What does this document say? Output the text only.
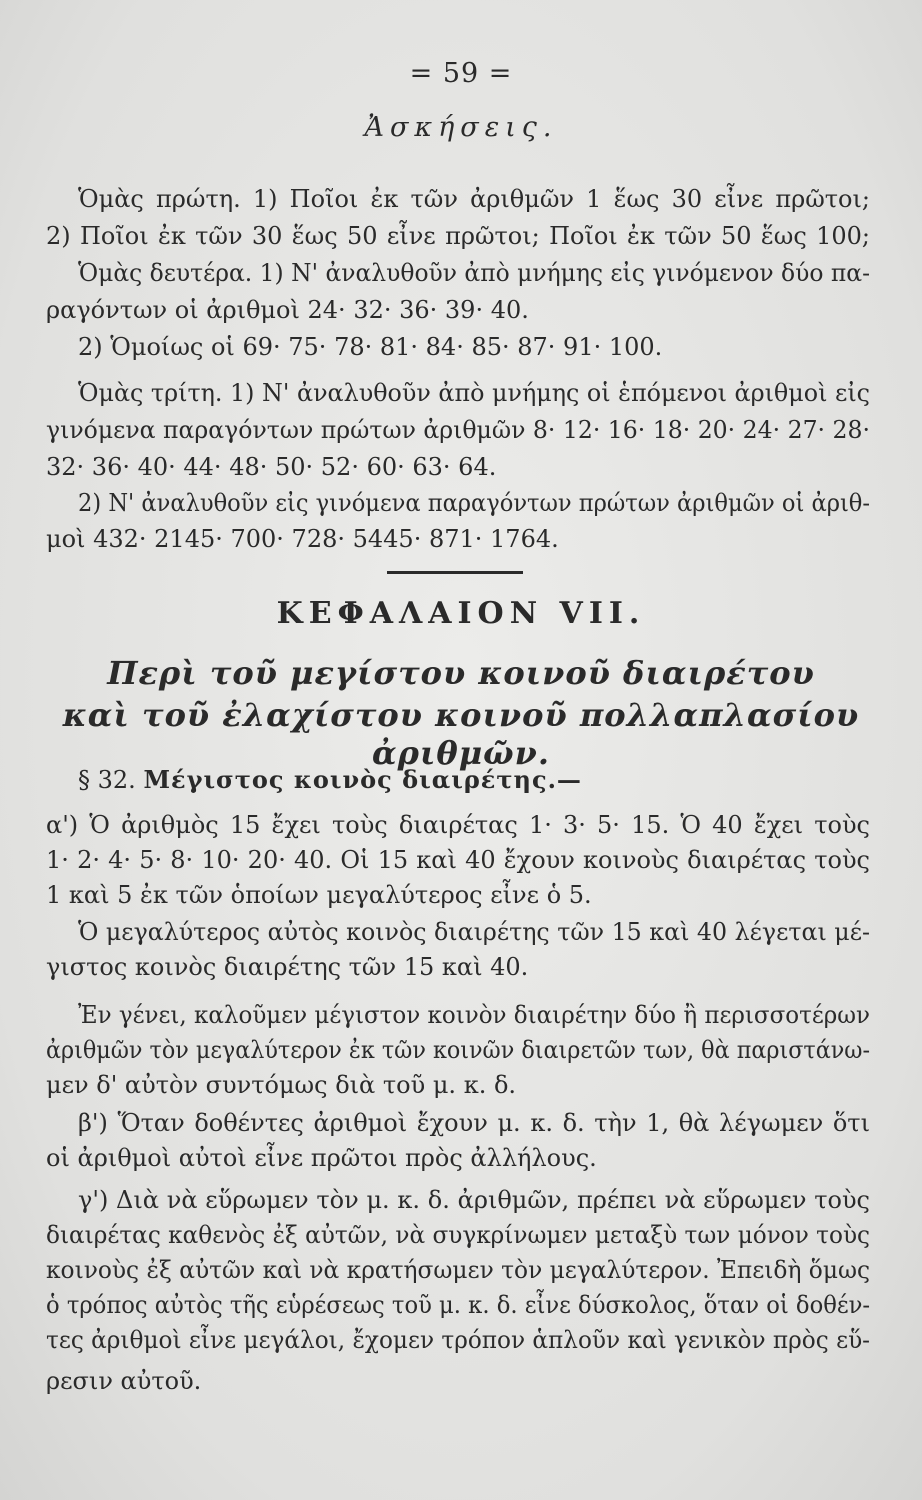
= 59 =
Ἀσκήσεις.
Ὁμὰς πρώτη. 1) Ποῖοι ἐκ τῶν ἀριθμῶν 1 ἕως 30 εἶνε πρῶτοι;
2) Ποῖοι ἐκ τῶν 30 ἕως 50 εἶνε πρῶτοι; Ποῖοι ἐκ τῶν 50 ἕως 100;
Ὁμὰς δευτέρα. 1) Ν' ἀναλυθοῦν ἀπὸ μνήμης εἰς γινόμενον δύο πα-
ραγόντων οἱ ἀριθμοὶ 24· 32· 36· 39· 40.
2) Ὁμοίως οἱ 69· 75· 78· 81· 84· 85· 87· 91· 100.
Ὁμὰς τρίτη. 1) Ν' ἀναλυθοῦν ἀπὸ μνήμης οἱ ἑπόμενοι ἀριθμοὶ εἰς
γινόμενα παραγόντων πρώτων ἀριθμῶν 8· 12· 16· 18· 20· 24· 27· 28·
32· 36· 40· 44· 48· 50· 52· 60· 63· 64.
2) Ν' ἀναλυθοῦν εἰς γινόμενα παραγόντων πρώτων ἀριθμῶν οἱ ἀριθ-
μοὶ 432· 2145· 700· 728· 5445· 871· 1764.
ΚΕΦΑΛΑΙΟΝ VII.
Περὶ τοῦ μεγίστου κοινοῦ διαιρέτου
καὶ τοῦ ἐλαχίστου κοινοῦ πολλαπλασίου ἀριθμῶν.
§ 32. Μέγιστος κοινὸς διαιρέτης.—
α') Ὁ ἀριθμὸς 15 ἔχει τοὺς διαιρέτας 1· 3· 5· 15. Ὁ 40 ἔχει τοὺς
1· 2· 4· 5· 8· 10· 20· 40. Οἱ 15 καὶ 40 ἔχουν κοινοὺς διαιρέτας τοὺς
1 καὶ 5 ἐκ τῶν ὁποίων μεγαλύτερος εἶνε ὁ 5.
Ὁ μεγαλύτερος αὐτὸς κοινὸς διαιρέτης τῶν 15 καὶ 40 λέγεται μέ-
γιστος κοινὸς διαιρέτης τῶν 15 καὶ 40.
Ἐν γένει, καλοῦμεν μέγιστον κοινὸν διαιρέτην δύο ἢ περισσοτέρων
ἀριθμῶν τὸν μεγαλύτερον ἐκ τῶν κοινῶν διαιρετῶν των, θὰ παριστάνω-
μεν δ' αὐτὸν συντόμως διὰ τοῦ μ. κ. δ.
β') Ὅταν δοθέντες ἀριθμοὶ ἔχουν μ. κ. δ. τὴν 1, θὰ λέγωμεν ὅτι
οἱ ἀριθμοὶ αὐτοὶ εἶνε πρῶτοι πρὸς ἀλλήλους.
γ') Διὰ νὰ εὕρωμεν τὸν μ. κ. δ. ἀριθμῶν, πρέπει νὰ εὕρωμεν τοὺς
διαιρέτας καθενὸς ἐξ αὐτῶν, νὰ συγκρίνωμεν μεταξὺ των μόνον τοὺς
κοινοὺς ἐξ αὐτῶν καὶ νὰ κρατήσωμεν τὸν μεγαλύτερον. Ἐπειδὴ ὅμως
ὁ τρόπος αὐτὸς τῆς εὑρέσεως τοῦ μ. κ. δ. εἶνε δύσκολος, ὅταν οἱ δοθέν-
τες ἀριθμοὶ εἶνε μεγάλοι, ἔχομεν τρόπον ἁπλοῦν καὶ γενικὸν πρὸς εὕ-
ρεσιν αὐτοῦ.
